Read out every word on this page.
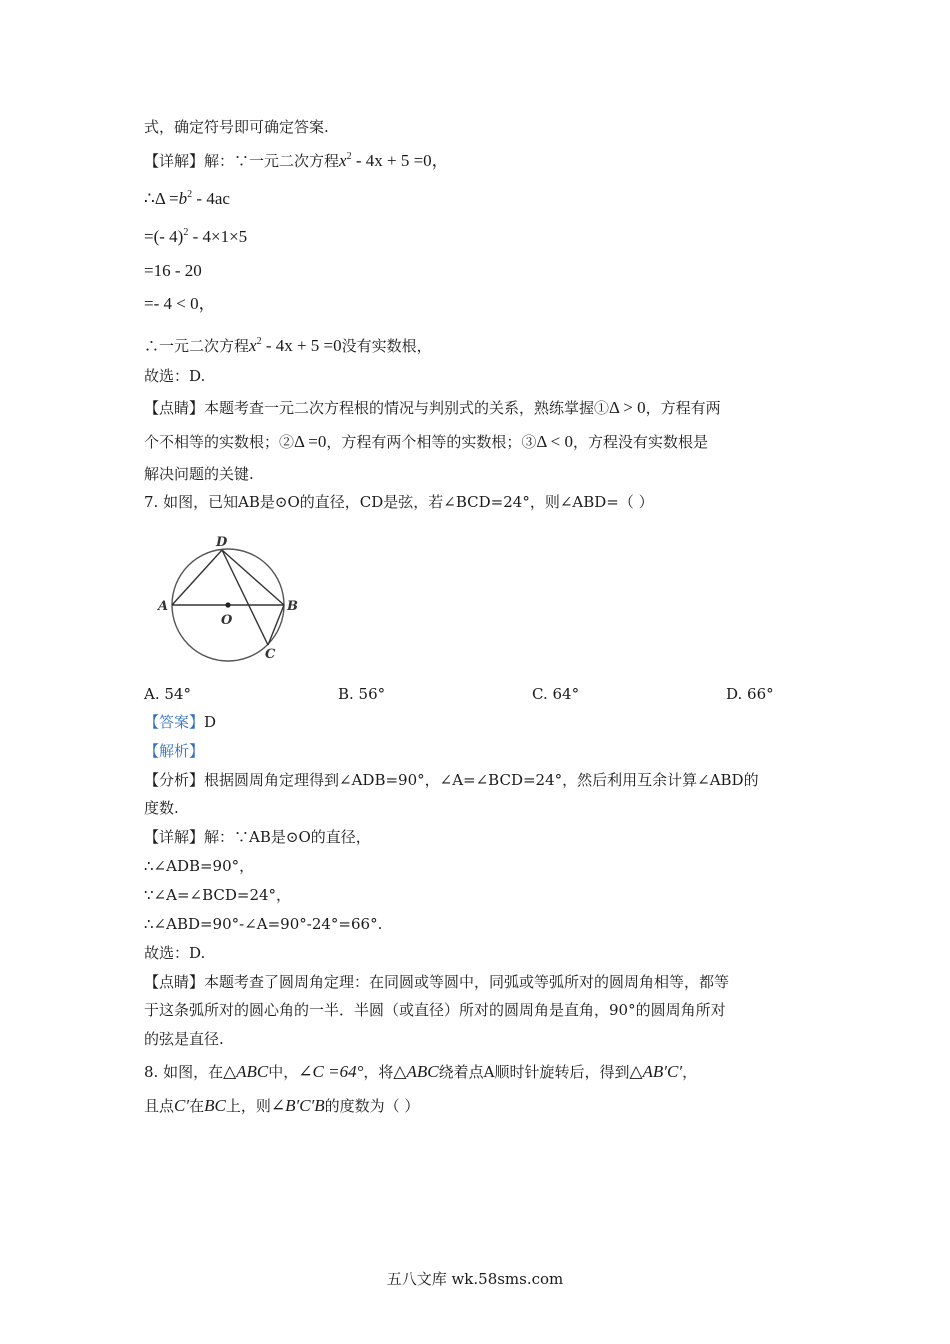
式，确定符号即可确定答案.
【详解】解：∵一元二次方程$x^2 - 4x + 5 =0$，
∴Δ $=b^2 - 4ac$
=(- 4)$^2$ - 4×1×5
=16 - 20
=- 4 < 0，
∴一元二次方程$x^2 - 4x + 5 =0$没有实数根，
故选：D.
【点睛】本题考查一元二次方程根的情况与判别式的关系，熟练掌握①Δ > 0，方程有两
个不相等的实数根；②Δ =0，方程有两个相等的实数根；③Δ < 0，方程没有实数根是
解决问题的关键.
7. 如图，已知AB是⊙O的直径，CD是弦，若∠BCD=24°，则∠ABD=（ ）
D
A	B
O
C
A. 54°	B. 56°	C. 64°	D. 66°
【答案】D
【解析】
【分析】根据圆周角定理得到∠ADB=90°，∠A=∠BCD=24°，然后利用互余计算∠ABD的
度数.
【详解】解：∵AB是⊙O的直径，
∴∠ADB=90°，
∵∠A=∠BCD=24°，
∴∠ABD=90°-∠A=90°-24°=66°.
故选：D.
【点睛】本题考查了圆周角定理：在同圆或等圆中，同弧或等弧所对的圆周角相等，都等
于这条弧所对的圆心角的一半．半圆（或直径）所对的圆周角是直角，90°的圆周角所对
的弦是直径.
8. 如图，在△ABC中，∠C =64°，将△ABC绕着点A顺时针旋转后，得到△AB′C′，
且点C′在BC上，则∠B′C′B的度数为（ ）
五八文库 wk.58sms.com
